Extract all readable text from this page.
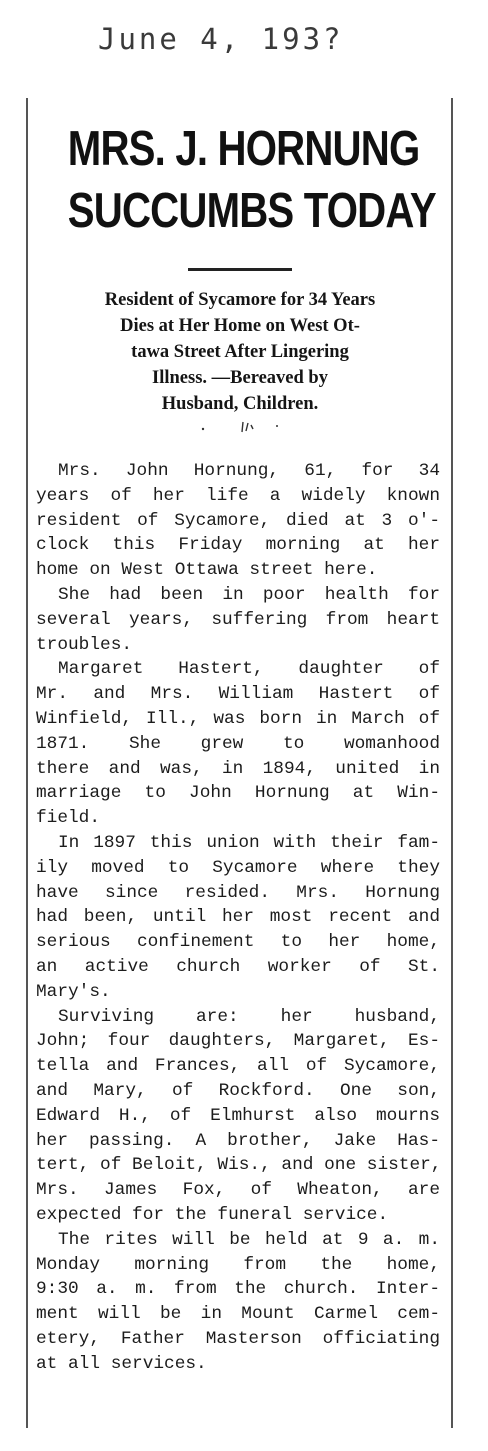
June 4, 193?
MRS. J. HORNUNG
SUCCUMBS TODAY
Resident of Sycamore for 34 Years
Dies at Her Home on West Ot-
tawa Street After Lingering
Illness. —Bereaved by
Husband, Children.
Mrs. John Hornung, 61, for 34
years of her life a widely known
resident of Sycamore, died at 3 o'-
clock this Friday morning at her
home on West Ottawa street here.
She had been in poor health for
several years, suffering from heart
troubles.
Margaret Hastert, daughter of
Mr. and Mrs. William Hastert of
Winfield, Ill., was born in March of
1871. She grew to womanhood
there and was, in 1894, united in
marriage to John Hornung at Win-
field.
In 1897 this union with their fam-
ily moved to Sycamore where they
have since resided. Mrs. Hornung
had been, until her most recent and
serious confinement to her home,
an active church worker of St.
Mary's.
Surviving are: her husband,
John; four daughters, Margaret, Es-
tella and Frances, all of Sycamore,
and Mary, of Rockford. One son,
Edward H., of Elmhurst also mourns
her passing. A brother, Jake Has-
tert, of Beloit, Wis., and one sister,
Mrs. James Fox, of Wheaton, are
expected for the funeral service.
The rites will be held at 9 a. m.
Monday morning from the home,
9:30 a. m. from the church. Inter-
ment will be in Mount Carmel cem-
etery, Father Masterson officiating
at all services.
